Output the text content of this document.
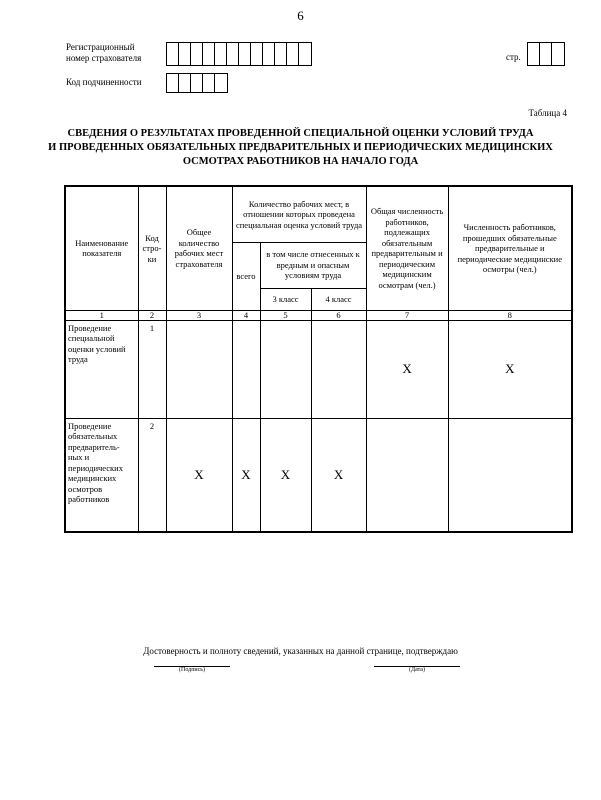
6
Регистрационный
номер страхователя	стр.
Код подчиненности
Таблица 4
СВЕДЕНИЯ О РЕЗУЛЬТАТАХ ПРОВЕДЕННОЙ СПЕЦИАЛЬНОЙ ОЦЕНКИ УСЛОВИЙ ТРУДА
И ПРОВЕДЕННЫХ ОБЯЗАТЕЛЬНЫХ ПРЕДВАРИТЕЛЬНЫХ И ПЕРИОДИЧЕСКИХ МЕДИЦИНСКИХ
ОСМОТРАХ РАБОТНИКОВ НА НАЧАЛО ГОДА
Наименование показателя	Код стро- ки	Общее количество рабочих мест страхователя	Количество рабочих мест, в отношении которых проведена специальная оценка условий труда			Общая численность работников, подлежащих обязательным предварительным и периодическим медицинским осмотрам (чел.)	Численность работников, прошедших обязательные предварительные и периодические медицинские осмотры (чел.)
			всего	в том числе отнесенных к вредным и опасным условиям труда			
				3 класс	4 класс		
1	2	3	4	5	6	7	8
Проведение специальной оценки условий труда	1					X	X
Проведение обязательных предваритель- ных и периодических медицинских осмотров работников	2	X	X	X	X		
Достоверность и полноту сведений, указанных на данной странице, подтверждаю
(Подпись)	(Дата)
